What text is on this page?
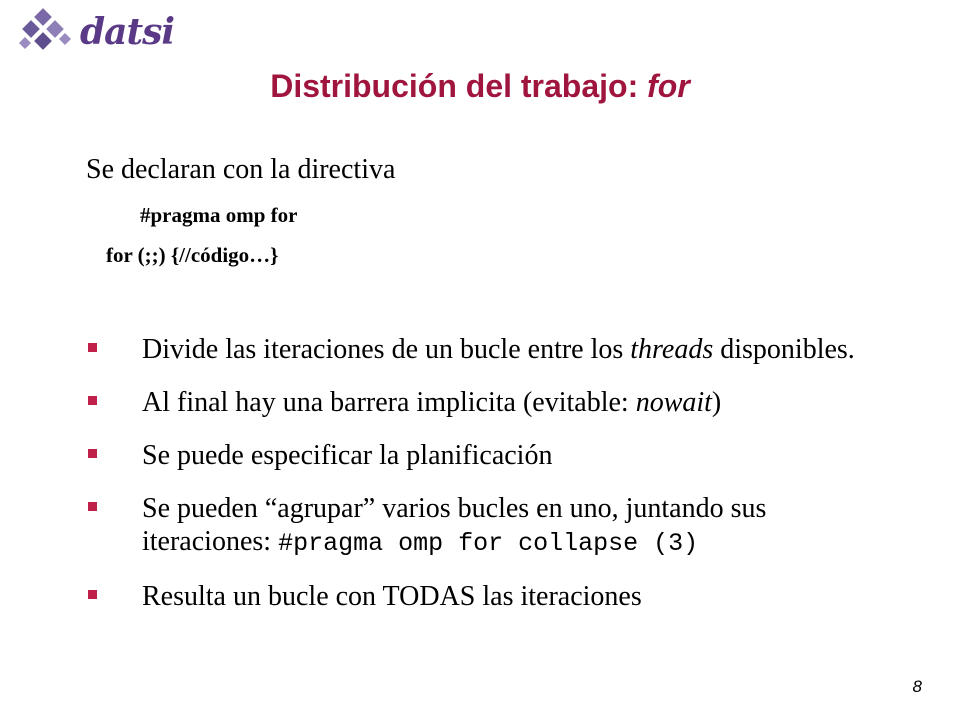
datsi
Distribución del trabajo: for
Se declaran con la directiva
#pragma omp for
for (;;) {//código…}
Divide las iteraciones de un bucle entre los threads disponibles.
Al final hay una barrera implicita (evitable: nowait)
Se puede especificar la planificación
Se pueden “agrupar” varios bucles en uno, juntando sus iteraciones: #pragma omp for collapse (3)
Resulta un bucle con TODAS las iteraciones
8
